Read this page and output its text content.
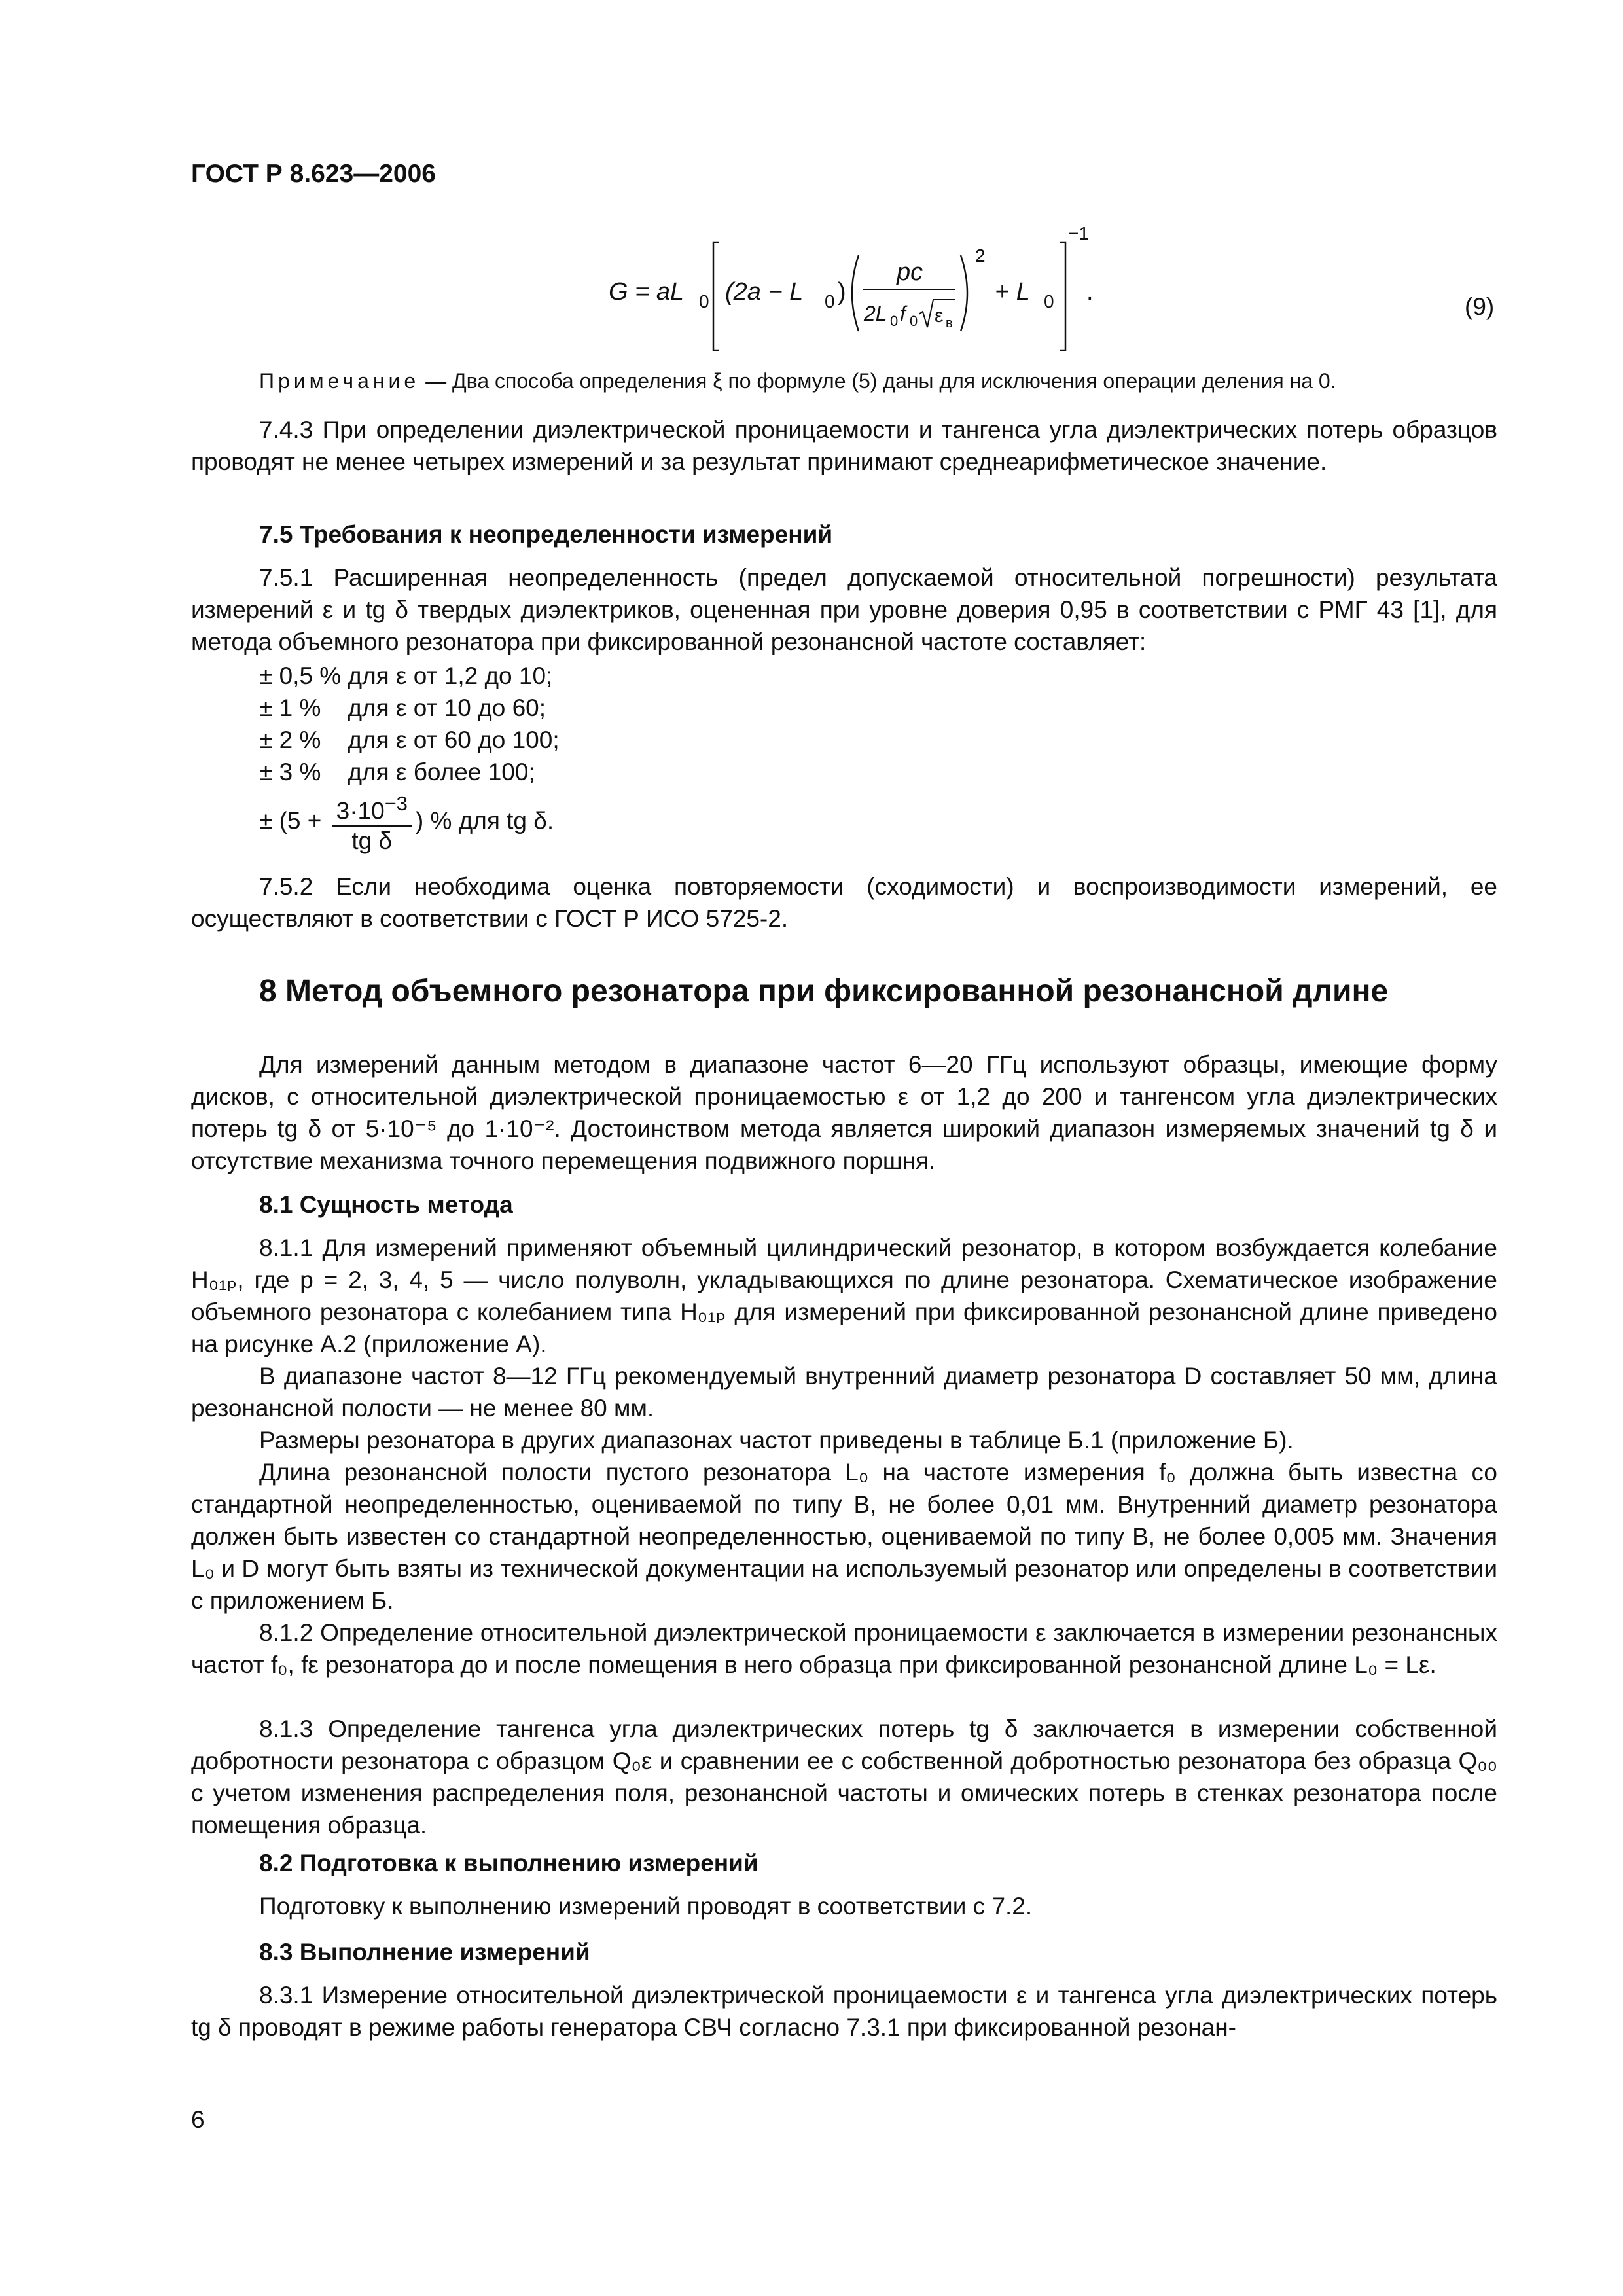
ГОСТ Р 8.623—2006
G = aL 0 (2a − L 0 )
pc
2L 0 f 0 ε в
2
+ L 0
−1
.
(9)
Примечание — Два способа определения ξ по формуле (5) даны для исключения операции деления на 0.
7.4.3 При определении диэлектрической проницаемости и тангенса угла диэлектрических потерь образцов проводят не менее четырех измерений и за результат принимают среднеарифметическое значение.
7.5 Требования к неопределенности измерений
7.5.1 Расширенная неопределенность (предел допускаемой относительной погрешности) результата измерений ε и tg δ твердых диэлектриков, оцененная при уровне доверия 0,95 в соответствии с РМГ 43 [1], для метода объемного резонатора при фиксированной резонансной частоте составляет:
± 0,5 % для ε от 1,2 до 10;
± 1 %    для ε от 10 до 60;
± 2 %    для ε от 60 до 100;
± 3 %    для ε более 100;
± ($5 + \frac{3\cdot 10^{-3}}{\text{tg δ}}$ ) % для tg δ.
7.5.2 Если необходима оценка повторяемости (сходимости) и воспроизводимости измерений, ее осуществляют в соответствии с ГОСТ Р ИСО 5725-2.
8 Метод объемного резонатора при фиксированной резонансной длине
Для измерений данным методом в диапазоне частот 6—20 ГГц используют образцы, имеющие форму дисков, с относительной диэлектрической проницаемостью ε от 1,2 до 200 и тангенсом угла диэлектрических потерь tg δ от 5·10⁻⁵ до 1·10⁻². Достоинством метода является широкий диапазон измеряемых значений tg δ и отсутствие механизма точного перемещения подвижного поршня.
8.1 Сущность метода
8.1.1 Для измерений применяют объемный цилиндрический резонатор, в котором возбуждается колебание H₀₁ₚ, где p = 2, 3, 4, 5 — число полуволн, укладывающихся по длине резонатора. Схематическое изображение объемного резонатора с колебанием типа H₀₁ₚ для измерений при фиксированной резонансной длине приведено на рисунке А.2 (приложение А).
В диапазоне частот 8—12 ГГц рекомендуемый внутренний диаметр резонатора D составляет 50 мм, длина резонансной полости — не менее 80 мм.
Размеры резонатора в других диапазонах частот приведены в таблице Б.1 (приложение Б).
Длина резонансной полости пустого резонатора L₀ на частоте измерения f₀ должна быть известна со стандартной неопределенностью, оцениваемой по типу В, не более 0,01 мм. Внутренний диаметр резонатора должен быть известен со стандартной неопределенностью, оцениваемой по типу В, не более 0,005 мм. Значения L₀ и D могут быть взяты из технической документации на используемый резонатор или определены в соответствии с приложением Б.
8.1.2 Определение относительной диэлектрической проницаемости ε заключается в измерении резонансных частот f₀, fε резонатора до и после помещения в него образца при фиксированной резонансной длине L₀ = Lε.
8.1.3 Определение тангенса угла диэлектрических потерь tg δ заключается в измерении собственной добротности резонатора с образцом Q₀ε и сравнении ее с собственной добротностью резонатора без образца Q₀₀ с учетом изменения распределения поля, резонансной частоты и омических потерь в стенках резонатора после помещения образца.
8.2 Подготовка к выполнению измерений
Подготовку к выполнению измерений проводят в соответствии с 7.2.
8.3 Выполнение измерений
8.3.1 Измерение относительной диэлектрической проницаемости ε и тангенса угла диэлектрических потерь tg δ проводят в режиме работы генератора СВЧ согласно 7.3.1 при фиксированной резонан-
6
